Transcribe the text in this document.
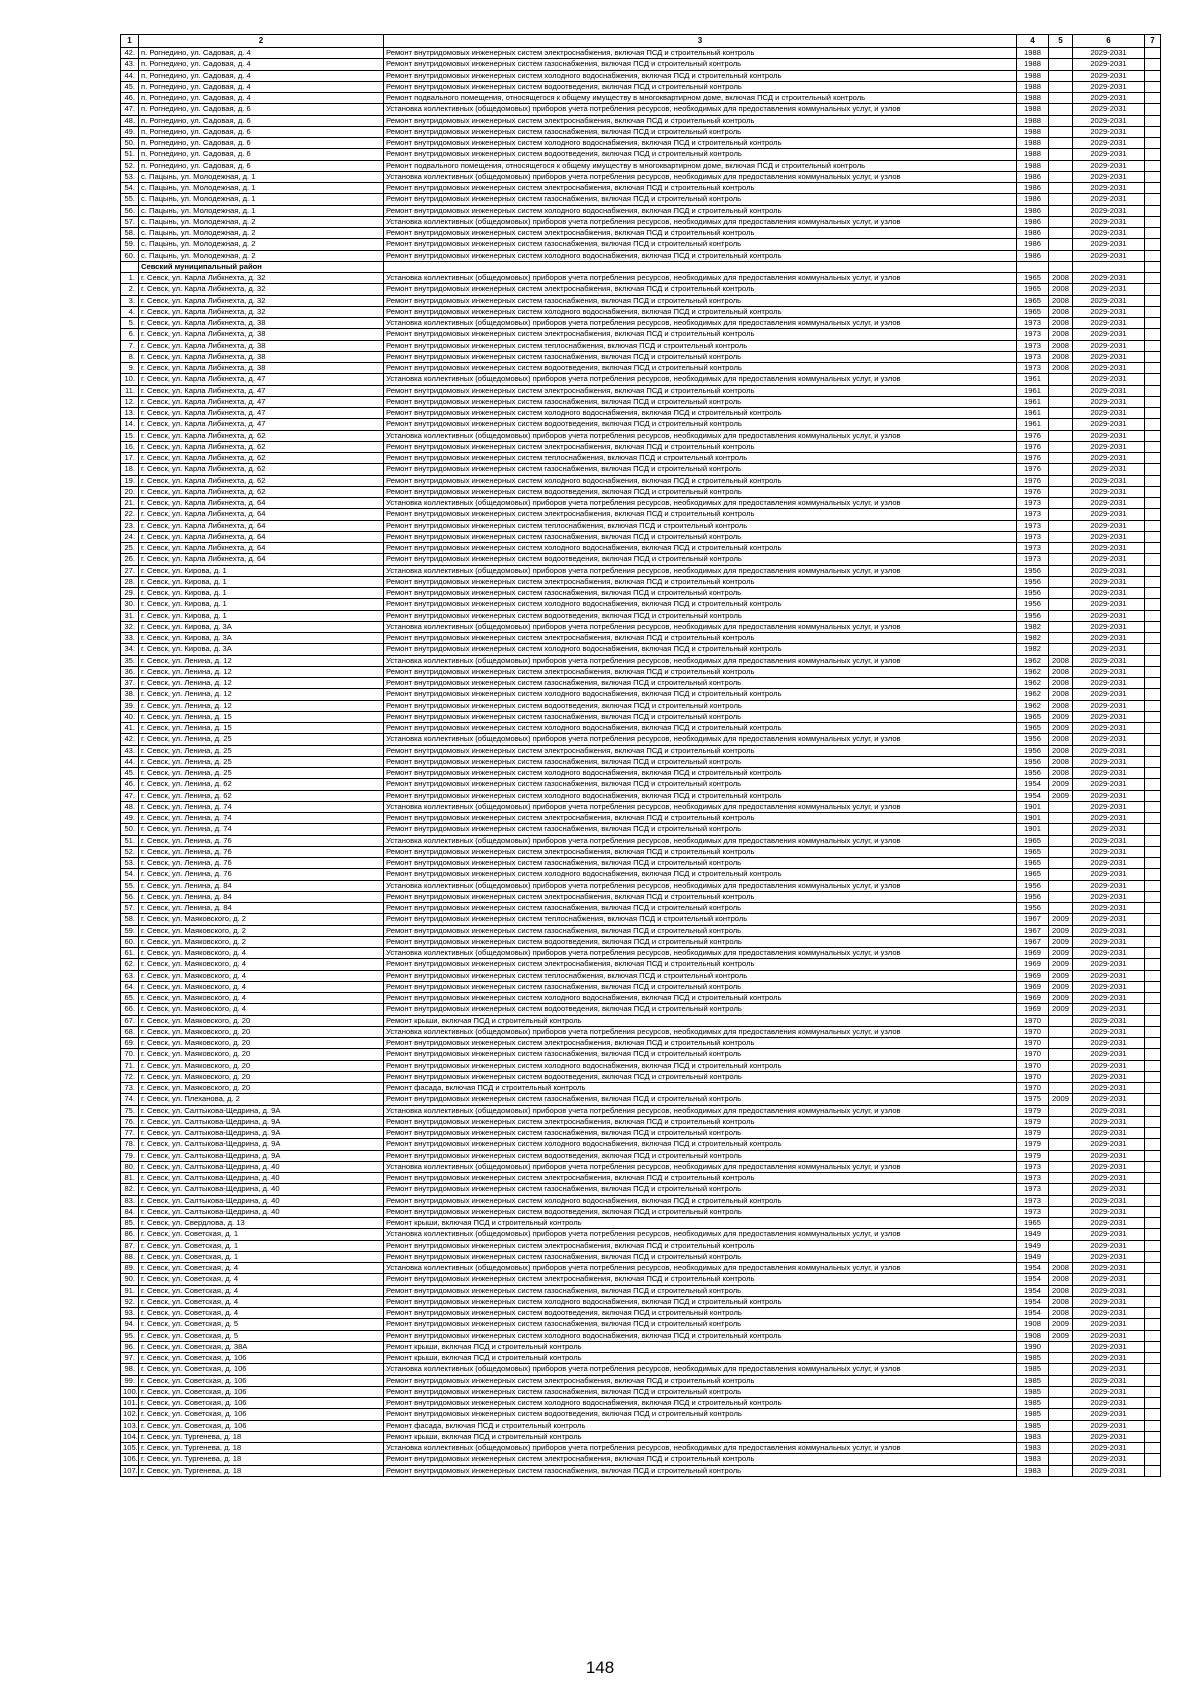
1	2	3	4	5	6	7
42.	п. Рогнедино, ул. Садовая, д. 4	Ремонт внутридомовых инженерных систем электроснабжения, включая ПСД и строительный контроль	1988		2029-2031	
43.	п. Рогнедино, ул. Садовая, д. 4	Ремонт внутридомовых инженерных систем газоснабжения, включая ПСД и строительный контроль	1988		2029-2031	
44.	п. Рогнедино, ул. Садовая, д. 4	Ремонт внутридомовых инженерных систем холодного водоснабжения, включая ПСД и строительный контроль	1988		2029-2031	
45.	п. Рогнедино, ул. Садовая, д. 4	Ремонт внутридомовых инженерных систем водоотведения, включая ПСД и строительный контроль	1988		2029-2031	
46.	п. Рогнедино, ул. Садовая, д. 4	Ремонт подвального помещения, относящегося к общему имуществу в многоквартирном доме, включая ПСД и строительный контроль	1988		2029-2031	
47.	п. Рогнедино, ул. Садовая, д. 6	Установка коллективных (общедомовых) приборов учета потребления ресурсов, необходимых для предоставления коммунальных услуг, и узлов	1988		2029-2031	
48.	п. Рогнедино, ул. Садовая, д. 6	Ремонт внутридомовых инженерных систем электроснабжения, включая ПСД и строительный контроль	1988		2029-2031	
49.	п. Рогнедино, ул. Садовая, д. 6	Ремонт внутридомовых инженерных систем газоснабжения, включая ПСД и строительный контроль	1988		2029-2031	
50.	п. Рогнедино, ул. Садовая, д. 6	Ремонт внутридомовых инженерных систем холодного водоснабжения, включая ПСД и строительный контроль	1988		2029-2031	
51.	п. Рогнедино, ул. Садовая, д. 6	Ремонт внутридомовых инженерных систем водоотведения, включая ПСД и строительный контроль	1988		2029-2031	
52.	п. Рогнедино, ул. Садовая, д. 6	Ремонт подвального помещения, относящегося к общему имуществу в многоквартирном доме, включая ПСД и строительный контроль	1988		2029-2031	
53.	с. Пацынь, ул. Молодежная, д. 1	Установка коллективных (общедомовых) приборов учета потребления ресурсов, необходимых для предоставления коммунальных услуг, и узлов	1986		2029-2031	
54.	с. Пацынь, ул. Молодежная, д. 1	Ремонт внутридомовых инженерных систем электроснабжения, включая ПСД и строительный контроль	1986		2029-2031	
55.	с. Пацынь, ул. Молодежная, д. 1	Ремонт внутридомовых инженерных систем газоснабжения, включая ПСД и строительный контроль	1986		2029-2031	
56.	с. Пацынь, ул. Молодежная, д. 1	Ремонт внутридомовых инженерных систем холодного водоснабжения, включая ПСД и строительный контроль	1986		2029-2031	
57.	с. Пацынь, ул. Молодежная, д. 2	Установка коллективных (общедомовых) приборов учета потребления ресурсов, необходимых для предоставления коммунальных услуг, и узлов	1986		2029-2031	
58.	с. Пацынь, ул. Молодежная, д. 2	Ремонт внутридомовых инженерных систем электроснабжения, включая ПСД и строительный контроль	1986		2029-2031	
59.	с. Пацынь, ул. Молодежная, д. 2	Ремонт внутридомовых инженерных систем газоснабжения, включая ПСД и строительный контроль	1986		2029-2031	
60.	с. Пацынь, ул. Молодежная, д. 2	Ремонт внутридомовых инженерных систем холодного водоснабжения, включая ПСД и строительный контроль	1986		2029-2031	
	Севский муниципальный район					
1.	г. Севск, ул. Карла Либкнехта, д. 32	Установка коллективных (общедомовых) приборов учета потребления ресурсов, необходимых для предоставления коммунальных услуг, и узлов	1965	2008	2029-2031	
2.	г. Севск, ул. Карла Либкнехта, д. 32	Ремонт внутридомовых инженерных систем электроснабжения, включая ПСД и строительный контроль	1965	2008	2029-2031	
3.	г. Севск, ул. Карла Либкнехта, д. 32	Ремонт внутридомовых инженерных систем газоснабжения, включая ПСД и строительный контроль	1965	2008	2029-2031	
4.	г. Севск, ул. Карла Либкнехта, д. 32	Ремонт внутридомовых инженерных систем холодного водоснабжения, включая ПСД и строительный контроль	1965	2008	2029-2031	
5.	г. Севск, ул. Карла Либкнехта, д. 38	Установка коллективных (общедомовых) приборов учета потребления ресурсов, необходимых для предоставления коммунальных услуг, и узлов	1973	2008	2029-2031	
6.	г. Севск, ул. Карла Либкнехта, д. 38	Ремонт внутридомовых инженерных систем электроснабжения, включая ПСД и строительный контроль	1973	2008	2029-2031	
7.	г. Севск, ул. Карла Либкнехта, д. 38	Ремонт внутридомовых инженерных систем теплоснабжения, включая ПСД и строительный контроль	1973	2008	2029-2031	
8.	г. Севск, ул. Карла Либкнехта, д. 38	Ремонт внутридомовых инженерных систем газоснабжения, включая ПСД и строительный контроль	1973	2008	2029-2031	
9.	г. Севск, ул. Карла Либкнехта, д. 38	Ремонт внутридомовых инженерных систем водоотведения, включая ПСД и строительный контроль	1973	2008	2029-2031	
10.	г. Севск, ул. Карла Либкнехта, д. 47	Установка коллективных (общедомовых) приборов учета потребления ресурсов, необходимых для предоставления коммунальных услуг, и узлов	1961		2029-2031	
11.	г. Севск, ул. Карла Либкнехта, д. 47	Ремонт внутридомовых инженерных систем электроснабжения, включая ПСД и строительный контроль	1961		2029-2031	
12.	г. Севск, ул. Карла Либкнехта, д. 47	Ремонт внутридомовых инженерных систем газоснабжения, включая ПСД и строительный контроль	1961		2029-2031	
13.	г. Севск, ул. Карла Либкнехта, д. 47	Ремонт внутридомовых инженерных систем холодного водоснабжения, включая ПСД и строительный контроль	1961		2029-2031	
14.	г. Севск, ул. Карла Либкнехта, д. 47	Ремонт внутридомовых инженерных систем водоотведения, включая ПСД и строительный контроль	1961		2029-2031	
15.	г. Севск, ул. Карла Либкнехта, д. 62	Установка коллективных (общедомовых) приборов учета потребления ресурсов, необходимых для предоставления коммунальных услуг, и узлов	1976		2029-2031	
16.	г. Севск, ул. Карла Либкнехта, д. 62	Ремонт внутридомовых инженерных систем электроснабжения, включая ПСД и строительный контроль	1976		2029-2031	
17.	г. Севск, ул. Карла Либкнехта, д. 62	Ремонт внутридомовых инженерных систем теплоснабжения, включая ПСД и строительный контроль	1976		2029-2031	
18.	г. Севск, ул. Карла Либкнехта, д. 62	Ремонт внутридомовых инженерных систем газоснабжения, включая ПСД и строительный контроль	1976		2029-2031	
19.	г. Севск, ул. Карла Либкнехта, д. 62	Ремонт внутридомовых инженерных систем холодного водоснабжения, включая ПСД и строительный контроль	1976		2029-2031	
20.	г. Севск, ул. Карла Либкнехта, д. 62	Ремонт внутридомовых инженерных систем водоотведения, включая ПСД и строительный контроль	1976		2029-2031	
21.	г. Севск, ул. Карла Либкнехта, д. 64	Установка коллективных (общедомовых) приборов учета потребления ресурсов, необходимых для предоставления коммунальных услуг, и узлов	1973		2029-2031	
22.	г. Севск, ул. Карла Либкнехта, д. 64	Ремонт внутридомовых инженерных систем электроснабжения, включая ПСД и строительный контроль	1973		2029-2031	
23.	г. Севск, ул. Карла Либкнехта, д. 64	Ремонт внутридомовых инженерных систем теплоснабжения, включая ПСД и строительный контроль	1973		2029-2031	
24.	г. Севск, ул. Карла Либкнехта, д. 64	Ремонт внутридомовых инженерных систем газоснабжения, включая ПСД и строительный контроль	1973		2029-2031	
25.	г. Севск, ул. Карла Либкнехта, д. 64	Ремонт внутридомовых инженерных систем холодного водоснабжения, включая ПСД и строительный контроль	1973		2029-2031	
26.	г. Севск, ул. Карла Либкнехта, д. 64	Ремонт внутридомовых инженерных систем водоотведения, включая ПСД и строительный контроль	1973		2029-2031	
27.	г. Севск, ул. Кирова, д. 1	Установка коллективных (общедомовых) приборов учета потребления ресурсов, необходимых для предоставления коммунальных услуг, и узлов	1956		2029-2031	
28.	г. Севск, ул. Кирова, д. 1	Ремонт внутридомовых инженерных систем электроснабжения, включая ПСД и строительный контроль	1956		2029-2031	
29.	г. Севск, ул. Кирова, д. 1	Ремонт внутридомовых инженерных систем газоснабжения, включая ПСД и строительный контроль	1956		2029-2031	
30.	г. Севск, ул. Кирова, д. 1	Ремонт внутридомовых инженерных систем холодного водоснабжения, включая ПСД и строительный контроль	1956		2029-2031	
31.	г. Севск, ул. Кирова, д. 1	Ремонт внутридомовых инженерных систем водоотведения, включая ПСД и строительный контроль	1956		2029-2031	
32.	г. Севск, ул. Кирова, д. 3А	Установка коллективных (общедомовых) приборов учета потребления ресурсов, необходимых для предоставления коммунальных услуг, и узлов	1982		2029-2031	
33.	г. Севск, ул. Кирова, д. 3А	Ремонт внутридомовых инженерных систем электроснабжения, включая ПСД и строительный контроль	1982		2029-2031	
34.	г. Севск, ул. Кирова, д. 3А	Ремонт внутридомовых инженерных систем холодного водоснабжения, включая ПСД и строительный контроль	1982		2029-2031	
35.	г. Севск, ул. Ленина, д. 12	Установка коллективных (общедомовых) приборов учета потребления ресурсов, необходимых для предоставления коммунальных услуг, и узлов	1962	2008	2029-2031	
36.	г. Севск, ул. Ленина, д. 12	Ремонт внутридомовых инженерных систем электроснабжения, включая ПСД и строительный контроль	1962	2008	2029-2031	
37.	г. Севск, ул. Ленина, д. 12	Ремонт внутридомовых инженерных систем газоснабжения, включая ПСД и строительный контроль	1962	2008	2029-2031	
38.	г. Севск, ул. Ленина, д. 12	Ремонт внутридомовых инженерных систем холодного водоснабжения, включая ПСД и строительный контроль	1962	2008	2029-2031	
39.	г. Севск, ул. Ленина, д. 12	Ремонт внутридомовых инженерных систем водоотведения, включая ПСД и строительный контроль	1962	2008	2029-2031	
40.	г. Севск, ул. Ленина, д. 15	Ремонт внутридомовых инженерных систем газоснабжения, включая ПСД и строительный контроль	1965	2009	2029-2031	
41.	г. Севск, ул. Ленина, д. 15	Ремонт внутридомовых инженерных систем холодного водоснабжения, включая ПСД и строительный контроль	1965	2009	2029-2031	
42.	г. Севск, ул. Ленина, д. 25	Установка коллективных (общедомовых) приборов учета потребления ресурсов, необходимых для предоставления коммунальных услуг, и узлов	1956	2008	2029-2031	
43.	г. Севск, ул. Ленина, д. 25	Ремонт внутридомовых инженерных систем электроснабжения, включая ПСД и строительный контроль	1956	2008	2029-2031	
44.	г. Севск, ул. Ленина, д. 25	Ремонт внутридомовых инженерных систем газоснабжения, включая ПСД и строительный контроль	1956	2008	2029-2031	
45.	г. Севск, ул. Ленина, д. 25	Ремонт внутридомовых инженерных систем холодного водоснабжения, включая ПСД и строительный контроль	1956	2008	2029-2031	
46.	г. Севск, ул. Ленина, д. 62	Ремонт внутридомовых инженерных систем газоснабжения, включая ПСД и строительный контроль	1954	2009	2029-2031	
47.	г. Севск, ул. Ленина, д. 62	Ремонт внутридомовых инженерных систем холодного водоснабжения, включая ПСД и строительный контроль	1954	2009	2029-2031	
48.	г. Севск, ул. Ленина, д. 74	Установка коллективных (общедомовых) приборов учета потребления ресурсов, необходимых для предоставления коммунальных услуг, и узлов	1901		2029-2031	
49.	г. Севск, ул. Ленина, д. 74	Ремонт внутридомовых инженерных систем электроснабжения, включая ПСД и строительный контроль	1901		2029-2031	
50.	г. Севск, ул. Ленина, д. 74	Ремонт внутридомовых инженерных систем газоснабжения, включая ПСД и строительный контроль	1901		2029-2031	
51.	г. Севск, ул. Ленина, д. 76	Установка коллективных (общедомовых) приборов учета потребления ресурсов, необходимых для предоставления коммунальных услуг, и узлов	1965		2029-2031	
52.	г. Севск, ул. Ленина, д. 76	Ремонт внутридомовых инженерных систем электроснабжения, включая ПСД и строительный контроль	1965		2029-2031	
53.	г. Севск, ул. Ленина, д. 76	Ремонт внутридомовых инженерных систем газоснабжения, включая ПСД и строительный контроль	1965		2029-2031	
54.	г. Севск, ул. Ленина, д. 76	Ремонт внутридомовых инженерных систем холодного водоснабжения, включая ПСД и строительный контроль	1965		2029-2031	
55.	г. Севск, ул. Ленина, д. 84	Установка коллективных (общедомовых) приборов учета потребления ресурсов, необходимых для предоставления коммунальных услуг, и узлов	1956		2029-2031	
56.	г. Севск, ул. Ленина, д. 84	Ремонт внутридомовых инженерных систем электроснабжения, включая ПСД и строительный контроль	1956		2029-2031	
57.	г. Севск, ул. Ленина, д. 84	Ремонт внутридомовых инженерных систем газоснабжения, включая ПСД и строительный контроль	1956		2029-2031	
58.	г. Севск, ул. Маяковского, д. 2	Ремонт внутридомовых инженерных систем теплоснабжения, включая ПСД и строительный контроль	1967	2009	2029-2031	
59.	г. Севск, ул. Маяковского, д. 2	Ремонт внутридомовых инженерных систем газоснабжения, включая ПСД и строительный контроль	1967	2009	2029-2031	
60.	г. Севск, ул. Маяковского, д. 2	Ремонт внутридомовых инженерных систем водоотведения, включая ПСД и строительный контроль	1967	2009	2029-2031	
61.	г. Севск, ул. Маяковского, д. 4	Установка коллективных (общедомовых) приборов учета потребления ресурсов, необходимых для предоставления коммунальных услуг, и узлов	1969	2009	2029-2031	
62.	г. Севск, ул. Маяковского, д. 4	Ремонт внутридомовых инженерных систем электроснабжения, включая ПСД и строительный контроль	1969	2009	2029-2031	
63.	г. Севск, ул. Маяковского, д. 4	Ремонт внутридомовых инженерных систем теплоснабжения, включая ПСД и строительный контроль	1969	2009	2029-2031	
64.	г. Севск, ул. Маяковского, д. 4	Ремонт внутридомовых инженерных систем газоснабжения, включая ПСД и строительный контроль	1969	2009	2029-2031	
65.	г. Севск, ул. Маяковского, д. 4	Ремонт внутридомовых инженерных систем холодного водоснабжения, включая ПСД и строительный контроль	1969	2009	2029-2031	
66.	г. Севск, ул. Маяковского, д. 4	Ремонт внутридомовых инженерных систем водоотведения, включая ПСД и строительный контроль	1969	2009	2029-2031	
67.	г. Севск, ул. Маяковского, д. 20	Ремонт крыши, включая ПСД и строительный контроль	1970		2029-2031	
68.	г. Севск, ул. Маяковского, д. 20	Установка коллективных (общедомовых) приборов учета потребления ресурсов, необходимых для предоставления коммунальных услуг, и узлов	1970		2029-2031	
69.	г. Севск, ул. Маяковского, д. 20	Ремонт внутридомовых инженерных систем электроснабжения, включая ПСД и строительный контроль	1970		2029-2031	
70.	г. Севск, ул. Маяковского, д. 20	Ремонт внутридомовых инженерных систем газоснабжения, включая ПСД и строительный контроль	1970		2029-2031	
71.	г. Севск, ул. Маяковского, д. 20	Ремонт внутридомовых инженерных систем холодного водоснабжения, включая ПСД и строительный контроль	1970		2029-2031	
72.	г. Севск, ул. Маяковского, д. 20	Ремонт внутридомовых инженерных систем водоотведения, включая ПСД и строительный контроль	1970		2029-2031	
73.	г. Севск, ул. Маяковского, д. 20	Ремонт фасада, включая ПСД и строительный контроль	1970		2029-2031	
74.	г. Севск, ул. Плеханова, д. 2	Ремонт внутридомовых инженерных систем газоснабжения, включая ПСД и строительный контроль	1975	2009	2029-2031	
75.	г. Севск, ул. Салтыкова-Щедрина, д. 9А	Установка коллективных (общедомовых) приборов учета потребления ресурсов, необходимых для предоставления коммунальных услуг, и узлов	1979		2029-2031	
76.	г. Севск, ул. Салтыкова-Щедрина, д. 9А	Ремонт внутридомовых инженерных систем электроснабжения, включая ПСД и строительный контроль	1979		2029-2031	
77.	г. Севск, ул. Салтыкова-Щедрина, д. 9А	Ремонт внутридомовых инженерных систем газоснабжения, включая ПСД и строительный контроль	1979		2029-2031	
78.	г. Севск, ул. Салтыкова-Щедрина, д. 9А	Ремонт внутридомовых инженерных систем холодного водоснабжения, включая ПСД и строительный контроль	1979		2029-2031	
79.	г. Севск, ул. Салтыкова-Щедрина, д. 9А	Ремонт внутридомовых инженерных систем водоотведения, включая ПСД и строительный контроль	1979		2029-2031	
80.	г. Севск, ул. Салтыкова-Щедрина, д. 40	Установка коллективных (общедомовых) приборов учета потребления ресурсов, необходимых для предоставления коммунальных услуг, и узлов	1973		2029-2031	
81.	г. Севск, ул. Салтыкова-Щедрина, д. 40	Ремонт внутридомовых инженерных систем электроснабжения, включая ПСД и строительный контроль	1973		2029-2031	
82.	г. Севск, ул. Салтыкова-Щедрина, д. 40	Ремонт внутридомовых инженерных систем газоснабжения, включая ПСД и строительный контроль	1973		2029-2031	
83.	г. Севск, ул. Салтыкова-Щедрина, д. 40	Ремонт внутридомовых инженерных систем холодного водоснабжения, включая ПСД и строительный контроль	1973		2029-2031	
84.	г. Севск, ул. Салтыкова-Щедрина, д. 40	Ремонт внутридомовых инженерных систем водоотведения, включая ПСД и строительный контроль	1973		2029-2031	
85.	г. Севск, ул. Свердлова, д. 13	Ремонт крыши, включая ПСД и строительный контроль	1965		2029-2031	
86.	г. Севск, ул. Советская, д. 1	Установка коллективных (общедомовых) приборов учета потребления ресурсов, необходимых для предоставления коммунальных услуг, и узлов	1949		2029-2031	
87.	г. Севск, ул. Советская, д. 1	Ремонт внутридомовых инженерных систем электроснабжения, включая ПСД и строительный контроль	1949		2029-2031	
88.	г. Севск, ул. Советская, д. 1	Ремонт внутридомовых инженерных систем газоснабжения, включая ПСД и строительный контроль	1949		2029-2031	
89.	г. Севск, ул. Советская, д. 4	Установка коллективных (общедомовых) приборов учета потребления ресурсов, необходимых для предоставления коммунальных услуг, и узлов	1954	2008	2029-2031	
90.	г. Севск, ул. Советская, д. 4	Ремонт внутридомовых инженерных систем электроснабжения, включая ПСД и строительный контроль	1954	2008	2029-2031	
91.	г. Севск, ул. Советская, д. 4	Ремонт внутридомовых инженерных систем газоснабжения, включая ПСД и строительный контроль	1954	2008	2029-2031	
92.	г. Севск, ул. Советская, д. 4	Ремонт внутридомовых инженерных систем холодного водоснабжения, включая ПСД и строительный контроль	1954	2008	2029-2031	
93.	г. Севск, ул. Советская, д. 4	Ремонт внутридомовых инженерных систем водоотведения, включая ПСД и строительный контроль	1954	2008	2029-2031	
94.	г. Севск, ул. Советская, д. 5	Ремонт внутридомовых инженерных систем газоснабжения, включая ПСД и строительный контроль	1908	2009	2029-2031	
95.	г. Севск, ул. Советская, д. 5	Ремонт внутридомовых инженерных систем холодного водоснабжения, включая ПСД и строительный контроль	1908	2009	2029-2031	
96.	г. Севск, ул. Советская, д. 38А	Ремонт крыши, включая ПСД и строительный контроль	1990		2029-2031	
97.	г. Севск, ул. Советская, д. 106	Ремонт крыши, включая ПСД и строительный контроль	1985		2029-2031	
98.	г. Севск, ул. Советская, д. 106	Установка коллективных (общедомовых) приборов учета потребления ресурсов, необходимых для предоставления коммунальных услуг, и узлов	1985		2029-2031	
99.	г. Севск, ул. Советская, д. 106	Ремонт внутридомовых инженерных систем электроснабжения, включая ПСД и строительный контроль	1985		2029-2031	
100.	г. Севск, ул. Советская, д. 106	Ремонт внутридомовых инженерных систем газоснабжения, включая ПСД и строительный контроль	1985		2029-2031	
101.	г. Севск, ул. Советская, д. 106	Ремонт внутридомовых инженерных систем холодного водоснабжения, включая ПСД и строительный контроль	1985		2029-2031	
102.	г. Севск, ул. Советская, д. 106	Ремонт внутридомовых инженерных систем водоотведения, включая ПСД и строительный контроль	1985		2029-2031	
103.	г. Севск, ул. Советская, д. 106	Ремонт фасада, включая ПСД и строительный контроль	1985		2029-2031	
104.	г. Севск, ул. Тургенева, д. 18	Ремонт крыши, включая ПСД и строительный контроль	1983		2029-2031	
105.	г. Севск, ул. Тургенева, д. 18	Установка коллективных (общедомовых) приборов учета потребления ресурсов, необходимых для предоставления коммунальных услуг, и узлов	1983		2029-2031	
106.	г. Севск, ул. Тургенева, д. 18	Ремонт внутридомовых инженерных систем электроснабжения, включая ПСД и строительный контроль	1983		2029-2031	
107.	г. Севск, ул. Тургенева, д. 18	Ремонт внутридомовых инженерных систем газоснабжения, включая ПСД и строительный контроль	1983		2029-2031	
148
